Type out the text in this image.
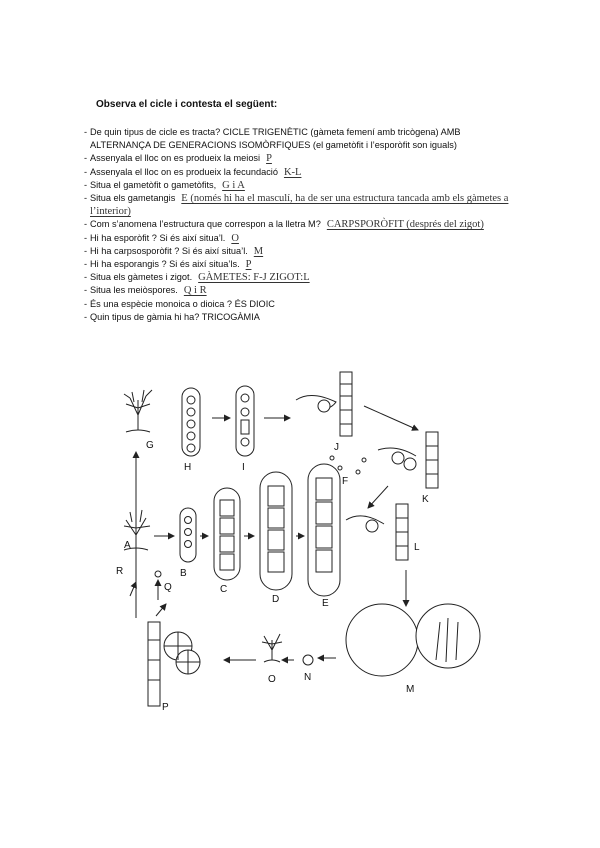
Observa el cicle i contesta el següent:
- De quin tipus de cicle es tracta? CICLE TRIGENÈTIC (gàmeta femení amb tricògena) AMB
ALTERNANÇA DE GENERACIONS ISOMÒRFIQUES (el gametòfit i l’esporòfit son iguals)
- Assenyala el lloc on es produeix la meiosi P
- Assenyala el lloc on es produeix la fecundació K-L
- Situa el gametòfit o gametòfits, G i A
- Situa els gametangis E (només hi ha el masculí, ha de ser una estructura tancada amb els gàmetes a
l’interior)
- Com s’anomena l’estructura que correspon a la lletra M? CARPSPORÒFIT (després del zigot)
- Hi ha esporòfit ? Si és així situa’l. O
- Hi ha carpsosporòfit ? Si és així situa’l. M
- Hi ha esporangis ? Si és així situa’ls. P
- Situa els gàmetes i zigot. GÀMETES: F-J ZIGOT:L
- Situa les meiòspores. Q i R
- És una espècie monoica o dioica ? ÉS DIOIC
- Quin tipus de gàmia hi ha? TRICOGÀMIA
G
H	I
J
K
F
L
A
B
C
D	E
M
N
O
P
Q
R
